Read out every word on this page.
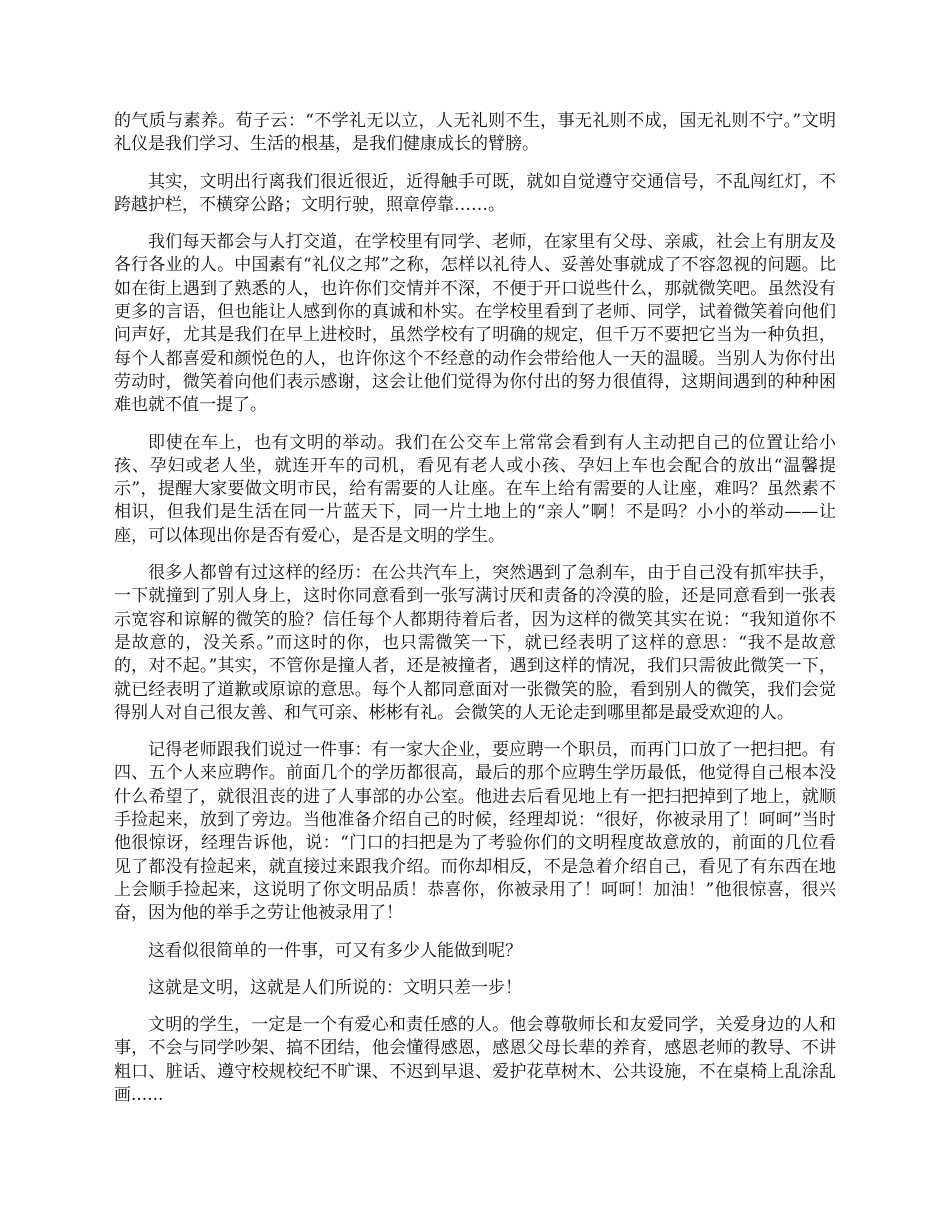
的气质与素养。荀子云：“不学礼无以立，人无礼则不生，事无礼则不成，国无礼则不宁。”文明礼仪是我们学习、生活的根基，是我们健康成长的臂膀。

其实，文明出行离我们很近很近，近得触手可既，就如自觉遵守交通信号，不乱闯红灯，不跨越护栏，不横穿公路；文明行驶，照章停靠……。

我们每天都会与人打交道，在学校里有同学、老师，在家里有父母、亲戚，社会上有朋友及各行各业的人。中国素有“礼仪之邦”之称，怎样以礼待人、妥善处事就成了不容忽视的问题。比如在街上遇到了熟悉的人，也许你们交情并不深，不便于开口说些什么，那就微笑吧。虽然没有更多的言语，但也能让人感到你的真诚和朴实。在学校里看到了老师、同学，试着微笑着向他们问声好，尤其是我们在早上进校时，虽然学校有了明确的规定，但千万不要把它当为一种负担，每个人都喜爱和颜悦色的人，也许你这个不经意的动作会带给他人一天的温暖。当别人为你付出劳动时，微笑着向他们表示感谢，这会让他们觉得为你付出的努力很值得，这期间遇到的种种困难也就不值一提了。

即使在车上，也有文明的举动。我们在公交车上常常会看到有人主动把自己的位置让给小孩、孕妇或老人坐，就连开车的司机，看见有老人或小孩、孕妇上车也会配合的放出“温馨提示”，提醒大家要做文明市民，给有需要的人让座。在车上给有需要的人让座，难吗？虽然素不相识，但我们是生活在同一片蓝天下，同一片土地上的“亲人”啊！不是吗？小小的举动——让座，可以体现出你是否有爱心，是否是文明的学生。

很多人都曾有过这样的经历：在公共汽车上，突然遇到了急刹车，由于自己没有抓牢扶手，一下就撞到了别人身上，这时你同意看到一张写满讨厌和责备的冷漠的脸，还是同意看到一张表示宽容和谅解的微笑的脸？信任每个人都期待着后者，因为这样的微笑其实在说：“我知道你不是故意的，没关系。”而这时的你，也只需微笑一下，就已经表明了这样的意思：“我不是故意的，对不起。”其实，不管你是撞人者，还是被撞者，遇到这样的情况，我们只需彼此微笑一下，就已经表明了道歉或原谅的意思。每个人都同意面对一张微笑的脸，看到别人的微笑，我们会觉得别人对自己很友善、和气可亲、彬彬有礼。会微笑的人无论走到哪里都是最受欢迎的人。

记得老师跟我们说过一件事：有一家大企业，要应聘一个职员，而再门口放了一把扫把。有四、五个人来应聘作。前面几个的学历都很高，最后的那个应聘生学历最低，他觉得自己根本没什么希望了，就很沮丧的进了人事部的办公室。他进去后看见地上有一把扫把掉到了地上，就顺手捡起来，放到了旁边。当他准备介绍自己的时候，经理却说：“很好，你被录用了！呵呵”当时他很惊讶，经理告诉他，说：“门口的扫把是为了考验你们的文明程度故意放的，前面的几位看见了都没有捡起来，就直接过来跟我介绍。而你却相反，不是急着介绍自己，看见了有东西在地上会顺手捡起来，这说明了你文明品质！恭喜你，你被录用了！呵呵！加油！”他很惊喜，很兴奋，因为他的举手之劳让他被录用了！

这看似很简单的一件事，可又有多少人能做到呢？

这就是文明，这就是人们所说的：文明只差一步！

文明的学生，一定是一个有爱心和责任感的人。他会尊敬师长和友爱同学，关爱身边的人和事，不会与同学吵架、搞不团结，他会懂得感恩，感恩父母长辈的养育，感恩老师的教导、不讲粗口、脏话、遵守校规校纪不旷课、不迟到早退、爱护花草树木、公共设施，不在桌椅上乱涂乱画......
